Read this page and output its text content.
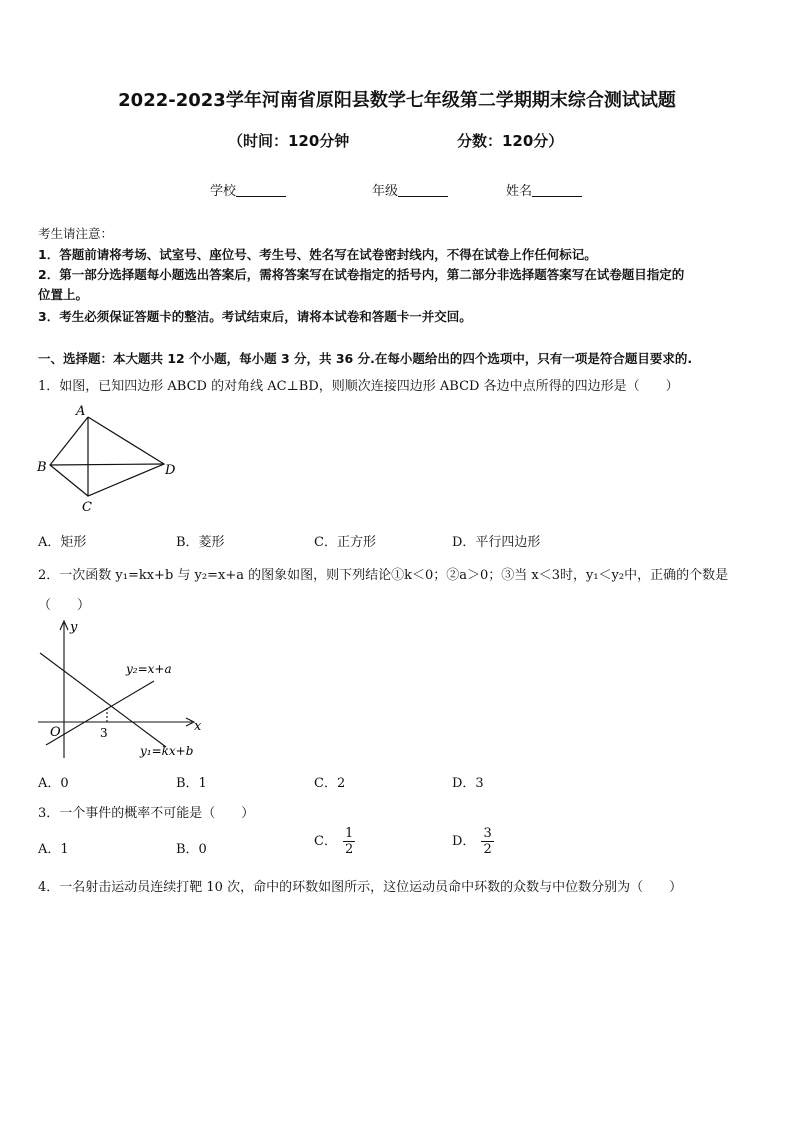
2022-2023学年河南省原阳县数学七年级第二学期期末综合测试试题
（时间：120分钟	分数：120分）
学校	年级	姓名
考生请注意：
1．答题前请将考场、试室号、座位号、考生号、姓名写在试卷密封线内，不得在试卷上作任何标记。
2．第一部分选择题每小题选出答案后，需将答案写在试卷指定的括号内，第二部分非选择题答案写在试卷题目指定的
位置上。
3．考生必须保证答题卡的整洁。考试结束后，请将本试卷和答题卡一并交回。
一、选择题：本大题共 12 个小题，每小题 3 分，共 36 分.在每小题给出的四个选项中，只有一项是符合题目要求的.
1．如图，已知四边形 ABCD 的对角线 AC⊥BD，则顺次连接四边形 ABCD 各边中点所得的四边形是（　　）
A
B
C
D
A．矩形	B．菱形	C．正方形	D．平行四边形
2．一次函数 y₁=kx+b 与 y₂=x+a 的图象如图，则下列结论①k＜0；②a＞0；③当 x＜3时，y₁＜y₂中，正确的个数是
（　　）
y
x
O	3
y₂=x+a
y₁=kx+b
A．0	B．1	C．2	D．3
3．一个事件的概率不可能是（　　）
A．1	B．0
C． $\frac{1}{2}$	D． $\frac{3}{2}$
4．一名射击运动员连续打靶 10 次，命中的环数如图所示，这位运动员命中环数的众数与中位数分别为（　　）
